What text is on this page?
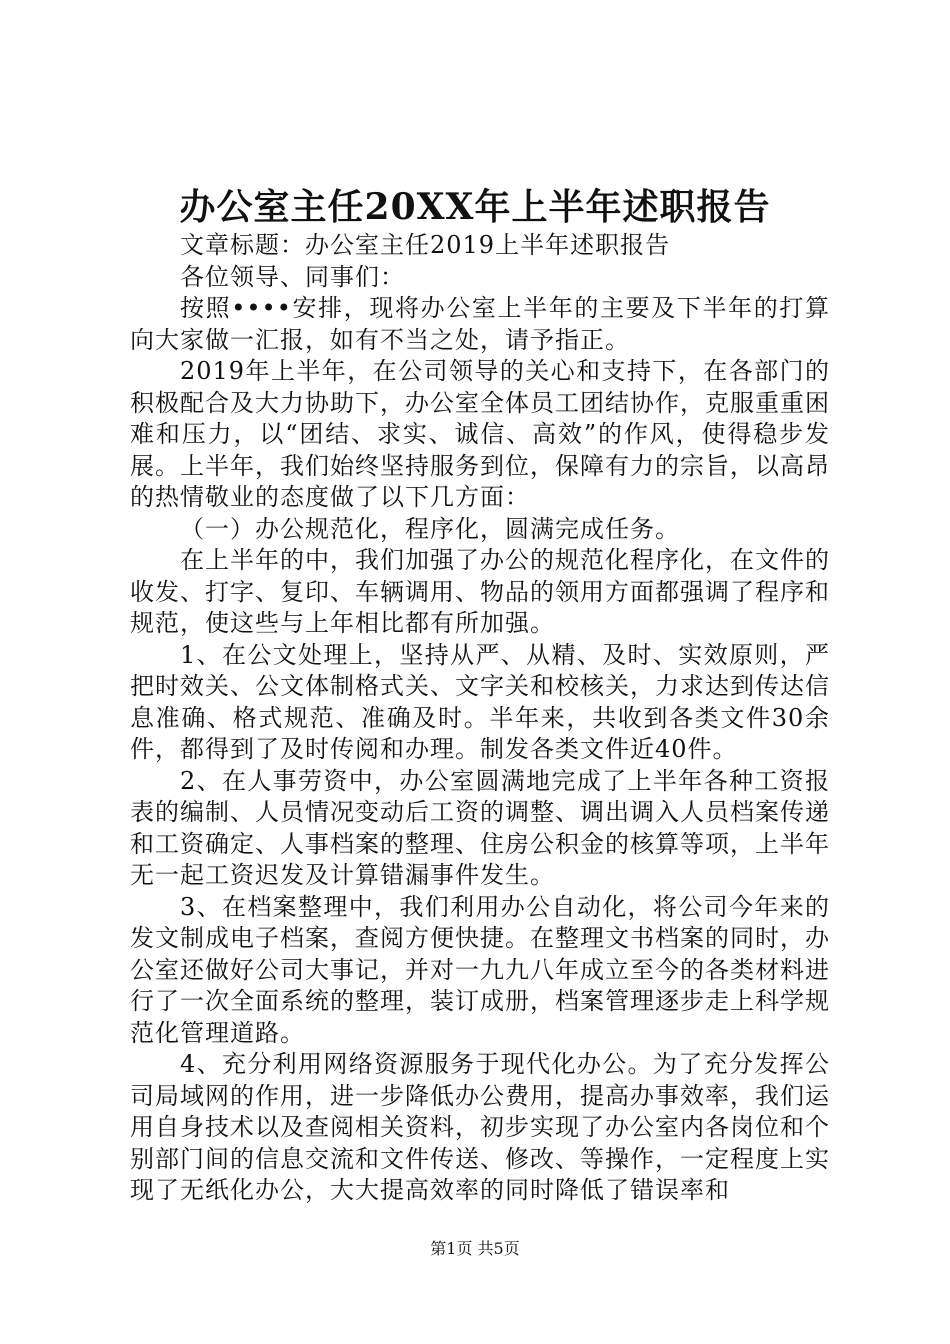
办公室主任20XX年上半年述职报告

文章标题：办公室主任2019上半年述职报告

各位领导、同事们：

按照••••安排，现将办公室上半年的主要及下半年的打算向大家做一汇报，如有不当之处，请予指正。

2019年上半年，在公司领导的关心和支持下，在各部门的积极配合及大力协助下，办公室全体员工团结协作，克服重重困难和压力，以“团结、求实、诚信、高效”的作风，使得稳步发展。上半年，我们始终坚持服务到位，保障有力的宗旨，以高昂的热情敬业的态度做了以下几方面：

（一）办公规范化，程序化，圆满完成任务。

在上半年的中，我们加强了办公的规范化程序化，在文件的收发、打字、复印、车辆调用、物品的领用方面都强调了程序和规范，使这些与上年相比都有所加强。

1、在公文处理上，坚持从严、从精、及时、实效原则，严把时效关、公文体制格式关、文字关和校核关，力求达到传达信息准确、格式规范、准确及时。半年来，共收到各类文件30余件，都得到了及时传阅和办理。制发各类文件近40件。

2、在人事劳资中，办公室圆满地完成了上半年各种工资报表的编制、人员情况变动后工资的调整、调出调入人员档案传递和工资确定、人事档案的整理、住房公积金的核算等项，上半年无一起工资迟发及计算错漏事件发生。

3、在档案整理中，我们利用办公自动化，将公司今年来的发文制成电子档案，查阅方便快捷。在整理文书档案的同时，办公室还做好公司大事记，并对一九九八年成立至今的各类材料进行了一次全面系统的整理，装订成册，档案管理逐步走上科学规范化管理道路。

4、充分利用网络资源服务于现代化办公。为了充分发挥公司局域网的作用，进一步降低办公费用，提高办事效率，我们运用自身技术以及查阅相关资料，初步实现了办公室内各岗位和个别部门间的信息交流和文件传送、修改、等操作，一定程度上实现了无纸化办公，大大提高效率的同时降低了错误率和

第1页 共5页
